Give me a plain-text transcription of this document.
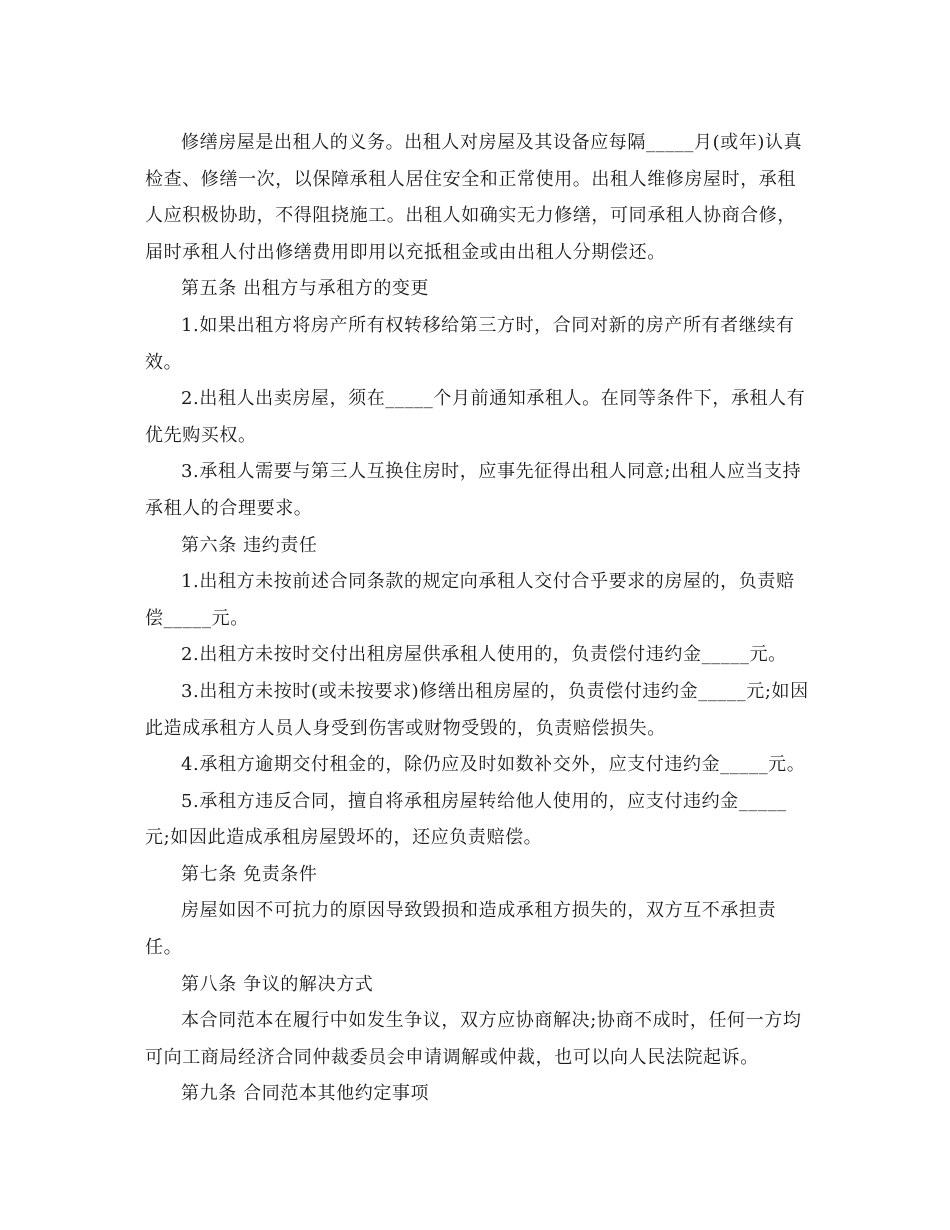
修缮房屋是出租人的义务。出租人对房屋及其设备应每隔_____月(或年)认真检查、修缮一次，以保障承租人居住安全和正常使用。出租人维修房屋时，承租人应积极协助，不得阻挠施工。出租人如确实无力修缮，可同承租人协商合修，届时承租人付出修缮费用即用以充抵租金或由出租人分期偿还。

第五条 出租方与承租方的变更

1.如果出租方将房产所有权转移给第三方时，合同对新的房产所有者继续有效。

2.出租人出卖房屋，须在_____个月前通知承租人。在同等条件下，承租人有优先购买权。

3.承租人需要与第三人互换住房时，应事先征得出租人同意;出租人应当支持承租人的合理要求。

第六条 违约责任

1.出租方未按前述合同条款的规定向承租人交付合乎要求的房屋的，负责赔偿_____元。

2.出租方未按时交付出租房屋供承租人使用的，负责偿付违约金_____元。

3.出租方未按时(或未按要求)修缮出租房屋的，负责偿付违约金_____元;如因此造成承租方人员人身受到伤害或财物受毁的，负责赔偿损失。

4.承租方逾期交付租金的，除仍应及时如数补交外，应支付违约金_____元。

5.承租方违反合同，擅自将承租房屋转给他人使用的，应支付违约金_____元;如因此造成承租房屋毁坏的，还应负责赔偿。

第七条 免责条件

房屋如因不可抗力的原因导致毁损和造成承租方损失的，双方互不承担责任。

第八条 争议的解决方式

本合同范本在履行中如发生争议，双方应协商解决;协商不成时，任何一方均可向工商局经济合同仲裁委员会申请调解或仲裁，也可以向人民法院起诉。

第九条 合同范本其他约定事项
